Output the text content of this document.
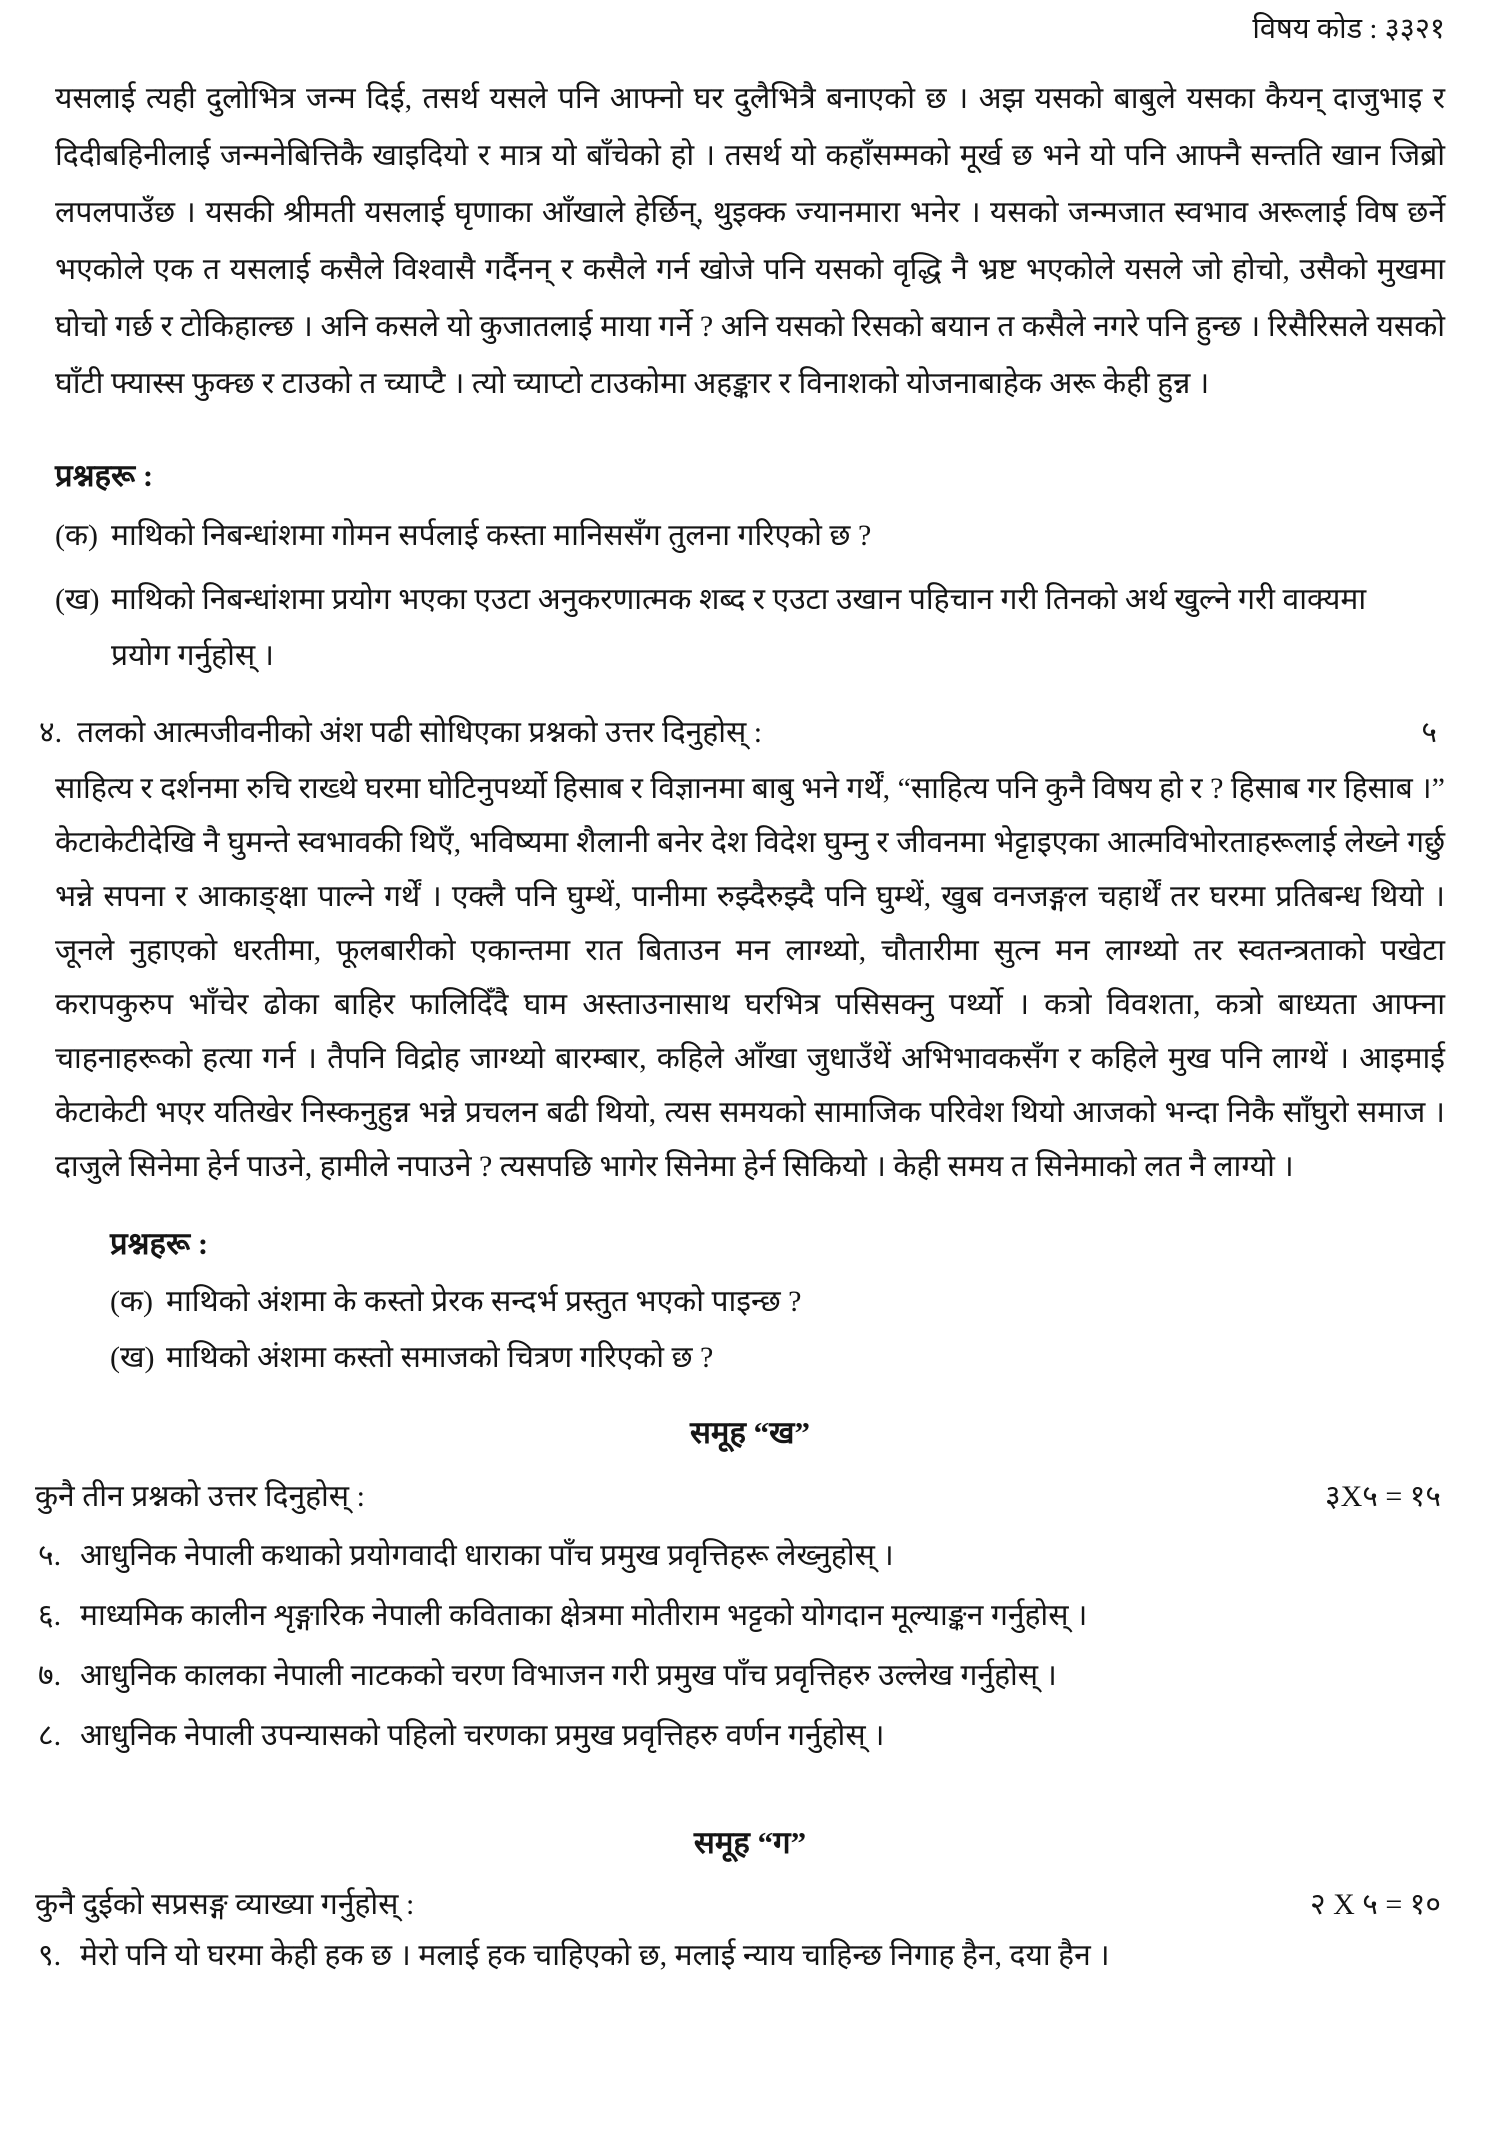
विषय कोड : ३३२१

यसलाई त्यही दुलोभित्र जन्म दिई, तसर्थ यसले पनि आफ्नो घर दुलैभित्रै बनाएको छ । अझ यसको बाबुले यसका कैयन् दाजुभाइ र दिदीबहिनीलाई जन्मनेबित्तिकै खाइदियो र मात्र यो बाँचेको हो । तसर्थ यो कहाँसम्मको मूर्ख छ भने यो पनि आफ्नै सन्तति खान जिब्रो लपलपाउँछ । यसकी श्रीमती यसलाई घृणाका आँखाले हेर्छिन्, थुइक्क ज्यानमारा भनेर । यसको जन्मजात स्वभाव अरूलाई विष छर्ने भएकोले एक त यसलाई कसैले विश्वासै गर्दैनन् र कसैले गर्न खोजे पनि यसको वृद्धि नै भ्रष्ट भएकोले यसले जो होचो, उसैको मुखमा घोचो गर्छ र टोकिहाल्छ । अनि कसले यो कुजातलाई माया गर्ने ? अनि यसको रिसको बयान त कसैले नगरे पनि हुन्छ । रिसैरिसले यसको घाँटी फ्यास्स फुक्छ र टाउको त च्याप्टै । त्यो च्याप्टो टाउकोमा अहङ्कार र विनाशको योजनाबाहेक अरू केही हुन्न ।

प्रश्नहरू :
(क) माथिको निबन्धांशमा गोमन सर्पलाई कस्ता मानिससँग तुलना गरिएको छ ?
(ख) माथिको निबन्धांशमा प्रयोग भएका एउटा अनुकरणात्मक शब्द र एउटा उखान पहिचान गरी तिनको अर्थ खुल्ने गरी वाक्यमा प्रयोग गर्नुहोस् ।
४. तलको आत्मजीवनीको अंश पढी सोधिएका प्रश्नको उत्तर दिनुहोस् :	५

साहित्य र दर्शनमा रुचि राख्थे घरमा घोटिनुपर्थ्यो हिसाब र विज्ञानमा बाबु भने गर्थें, “साहित्य पनि कुनै विषय हो र ? हिसाब गर हिसाब ।” केटाकेटीदेखि नै घुमन्ते स्वभावकी थिएँ, भविष्यमा शैलानी बनेर देश विदेश घुम्नु र जीवनमा भेट्टाइएका आत्मविभोरताहरूलाई लेख्ने गर्छु भन्ने सपना र आकाङ्क्षा पाल्ने गर्थें । एक्लै पनि घुम्थें, पानीमा रुझ्दैरुझ्दै पनि घुम्थें, खुब वनजङ्गल चहार्थें तर घरमा प्रतिबन्ध थियो । जूनले नुहाएको धरतीमा, फूलबारीको एकान्तमा रात बिताउन मन लाग्थ्यो, चौतारीमा सुत्न मन लाग्थ्यो तर स्वतन्त्रताको पखेटा करापकुरुप भाँचेर ढोका बाहिर फालिदिँदै घाम अस्ताउनासाथ घरभित्र पसिसक्नु पर्थ्यो । कत्रो विवशता, कत्रो बाध्यता आफ्ना चाहनाहरूको हत्या गर्न । तैपनि विद्रोह जाग्थ्यो बारम्बार, कहिले आँखा जुधाउँथें अभिभावकसँग र कहिले मुख पनि लाग्थें । आइमाई केटाकेटी भएर यतिखेर निस्कनुहुन्न भन्ने प्रचलन बढी थियो, त्यस समयको सामाजिक परिवेश थियो आजको भन्दा निकै साँघुरो समाज । दाजुले सिनेमा हेर्न पाउने, हामीले नपाउने ? त्यसपछि भागेर सिनेमा हेर्न सिकियो । केही समय त सिनेमाको लत नै लाग्यो ।

प्रश्नहरू :
(क) माथिको अंशमा के कस्तो प्रेरक सन्दर्भ प्रस्तुत भएको पाइन्छ ?
(ख) माथिको अंशमा कस्तो समाजको चित्रण गरिएको छ ?
समूह “ख”
कुनै तीन प्रश्नको उत्तर दिनुहोस् :	३X५ = १५
५. आधुनिक नेपाली कथाको प्रयोगवादी धाराका पाँच प्रमुख प्रवृत्तिहरू लेख्नुहोस् ।
६. माध्यमिक कालीन शृङ्गारिक नेपाली कविताका क्षेत्रमा मोतीराम भट्टको योगदान मूल्याङ्कन गर्नुहोस् ।
७. आधुनिक कालका नेपाली नाटकको चरण विभाजन गरी प्रमुख पाँच प्रवृत्तिहरु उल्लेख गर्नुहोस् ।
८. आधुनिक नेपाली उपन्यासको पहिलो चरणका प्रमुख प्रवृत्तिहरु वर्णन गर्नुहोस् ।
समूह “ग”
कुनै दुईको सप्रसङ्ग व्याख्या गर्नुहोस् :	२ X ५ = १०
९. मेरो पनि यो घरमा केही हक छ । मलाई हक चाहिएको छ, मलाई न्याय चाहिन्छ निगाह हैन, दया हैन ।
